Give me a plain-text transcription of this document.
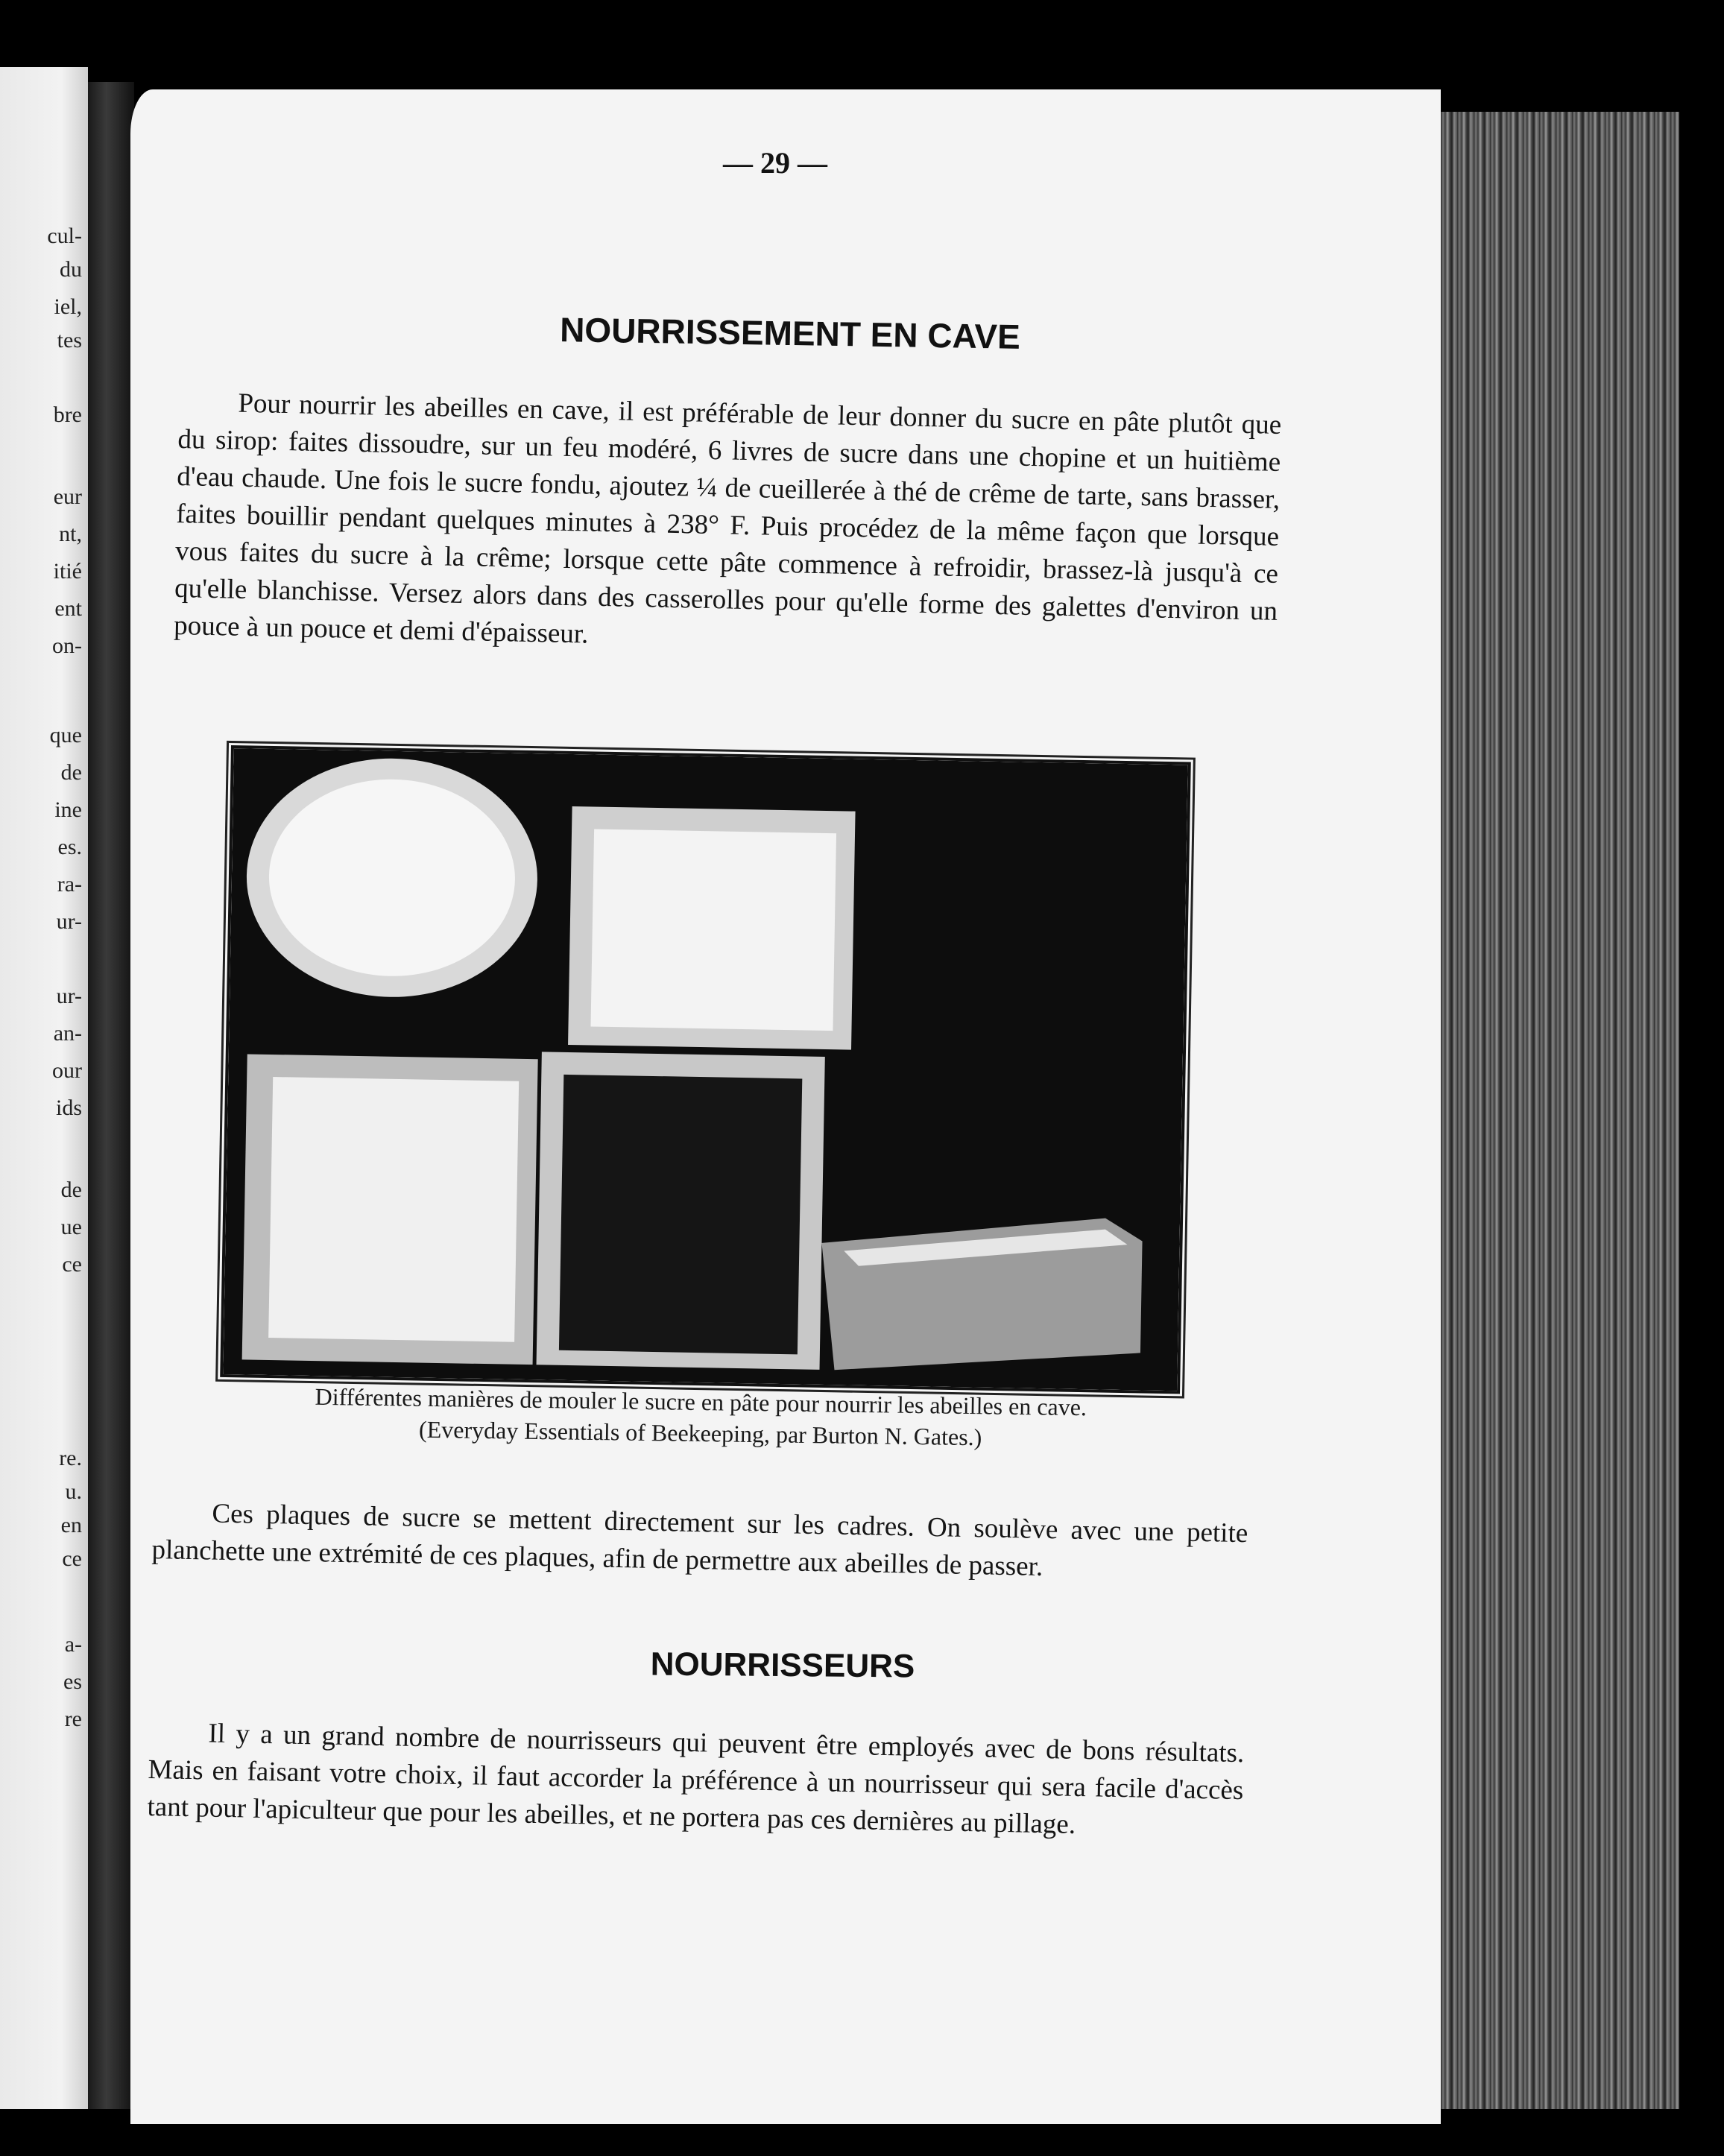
cul-
du
iel,
tes
bre
eur
nt,
itié
ent
on-
que
de
ine
es.
ra-
ur-
ur-
an-
our
ids
de
ue
ce
re.
u.
en
ce
a-
es
re
— 29 —
NOURRISSEMENT EN CAVE
Pour nourrir les abeilles en cave, il est préférable de leur donner du sucre en pâte plutôt que du sirop: faites dissoudre, sur un feu modéré, 6 livres de sucre dans une chopine et un huitième d'eau chaude. Une fois le sucre fondu, ajoutez ¼ de cueillerée à thé de crême de tarte, sans brasser, faites bouillir pendant quelques minutes à 238° F. Puis procédez de la même façon que lorsque vous faites du sucre à la crême; lorsque cette pâte commence à refroidir, brassez-là jusqu'à ce qu'elle blanchisse. Versez alors dans des casserolles pour qu'elle forme des galettes d'environ un pouce à un pouce et demi d'épaisseur.
Différentes manières de mouler le sucre en pâte pour nourrir les abeilles en cave.
(Everyday Essentials of Beekeeping, par Burton N. Gates.)
Ces plaques de sucre se mettent directement sur les cadres. On soulève avec une petite planchette une extrémité de ces plaques, afin de permettre aux abeilles de passer.
NOURRISSEURS
Il y a un grand nombre de nourrisseurs qui peuvent être employés avec de bons résultats. Mais en faisant votre choix, il faut accorder la préférence à un nourrisseur qui sera facile d'accès tant pour l'apiculteur que pour les abeilles, et ne portera pas ces dernières au pillage.
